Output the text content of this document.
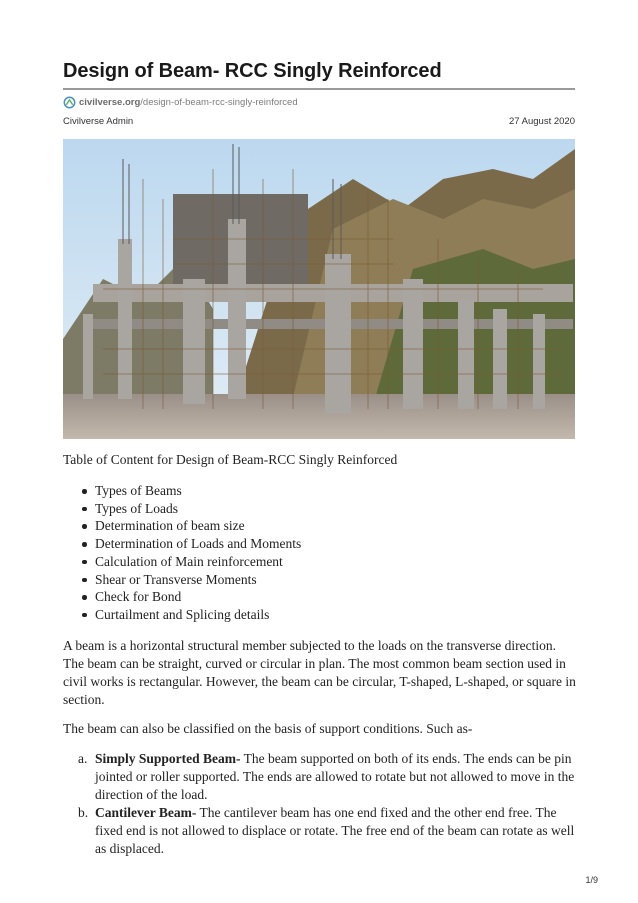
Design of Beam- RCC Singly Reinforced
civilverse.org /design-of-beam-rcc-singly-reinforced
Civilverse Admin	27 August 2020

Table of Content for Design of Beam-RCC Singly Reinforced

Types of Beams
Types of Loads
Determination of beam size
Determination of Loads and Moments
Calculation of Main reinforcement
Shear or Transverse Moments
Check for Bond
Curtailment and Splicing details

A beam is a horizontal structural member subjected to the loads on the transverse direction. The beam can be straight, curved or circular in plan. The most common beam section used in civil works is rectangular. However, the beam can be circular, T-shaped, L-shaped, or square in section.

The beam can also be classified on the basis of support conditions. Such as-

a. Simply Supported Beam- The beam supported on both of its ends. The ends can be pin jointed or roller supported. The ends are allowed to rotate but not allowed to move in the direction of the load.
b. Cantilever Beam- The cantilever beam has one end fixed and the other end free. The fixed end is not allowed to displace or rotate. The free end of the beam can rotate as well as displaced.
1/9
